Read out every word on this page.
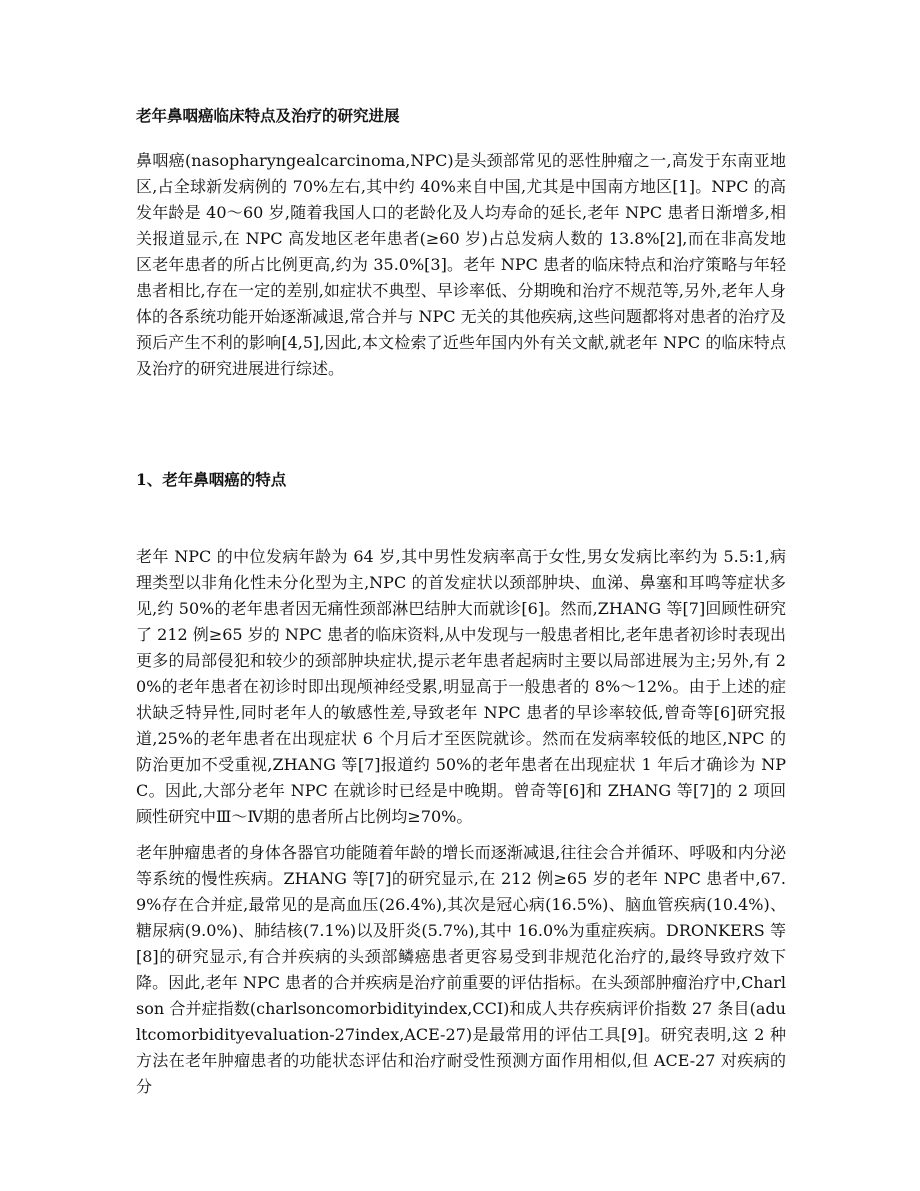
老年鼻咽癌临床特点及治疗的研究进展

鼻咽癌(nasopharyngealcarcinoma,NPC)是头颈部常见的恶性肿瘤之一,高发于东南亚地区,占全球新发病例的 70%左右,其中约 40%来自中国,尤其是中国南方地区[1]。NPC 的高发年龄是 40～60 岁,随着我国人口的老龄化及人均寿命的延长,老年 NPC 患者日渐增多,相关报道显示,在 NPC 高发地区老年患者(≥60 岁)占总发病人数的 13.8%[2],而在非高发地区老年患者的所占比例更高,约为 35.0%[3]。老年 NPC 患者的临床特点和治疗策略与年轻患者相比,存在一定的差别,如症状不典型、早诊率低、分期晚和治疗不规范等,另外,老年人身体的各系统功能开始逐渐减退,常合并与 NPC 无关的其他疾病,这些问题都将对患者的治疗及预后产生不利的影响[4,5],因此,本文检索了近些年国内外有关文献,就老年 NPC 的临床特点及治疗的研究进展进行综述。

1、老年鼻咽癌的特点

老年 NPC 的中位发病年龄为 64 岁,其中男性发病率高于女性,男女发病比率约为 5.5:1,病理类型以非角化性未分化型为主,NPC 的首发症状以颈部肿块、血涕、鼻塞和耳鸣等症状多见,约 50%的老年患者因无痛性颈部淋巴结肿大而就诊[6]。然而,ZHANG 等[7]回顾性研究了 212 例≥65 岁的 NPC 患者的临床资料,从中发现与一般患者相比,老年患者初诊时表现出更多的局部侵犯和较少的颈部肿块症状,提示老年患者起病时主要以局部进展为主;另外,有 20%的老年患者在初诊时即出现颅神经受累,明显高于一般患者的 8%～12%。由于上述的症状缺乏特异性,同时老年人的敏感性差,导致老年 NPC 患者的早诊率较低,曾奇等[6]研究报道,25%的老年患者在出现症状 6 个月后才至医院就诊。然而在发病率较低的地区,NPC 的防治更加不受重视,ZHANG 等[7]报道约 50%的老年患者在出现症状 1 年后才确诊为 NPC。因此,大部分老年 NPC 在就诊时已经是中晚期。曾奇等[6]和 ZHANG 等[7]的 2 项回顾性研究中Ⅲ～Ⅳ期的患者所占比例均≥70%。

老年肿瘤患者的身体各器官功能随着年龄的增长而逐渐减退,往往会合并循环、呼吸和内分泌等系统的慢性疾病。ZHANG 等[7]的研究显示,在 212 例≥65 岁的老年 NPC 患者中,67.9%存在合并症,最常见的是高血压(26.4%),其次是冠心病(16.5%)、脑血管疾病(10.4%)、糖尿病(9.0%)、肺结核(7.1%)以及肝炎(5.7%),其中 16.0%为重症疾病。DRONKERS 等[8]的研究显示,有合并疾病的头颈部鳞癌患者更容易受到非规范化治疗的,最终导致疗效下降。因此,老年 NPC 患者的合并疾病是治疗前重要的评估指标。在头颈部肿瘤治疗中,Charlson 合并症指数(charlsoncomorbidityindex,CCI)和成人共存疾病评价指数 27 条目(adultcomorbidityevaluation-27index,ACE-27)是最常用的评估工具[9]。研究表明,这 2 种方法在老年肿瘤患者的功能状态评估和治疗耐受性预测方面作用相似,但 ACE-27 对疾病的分
